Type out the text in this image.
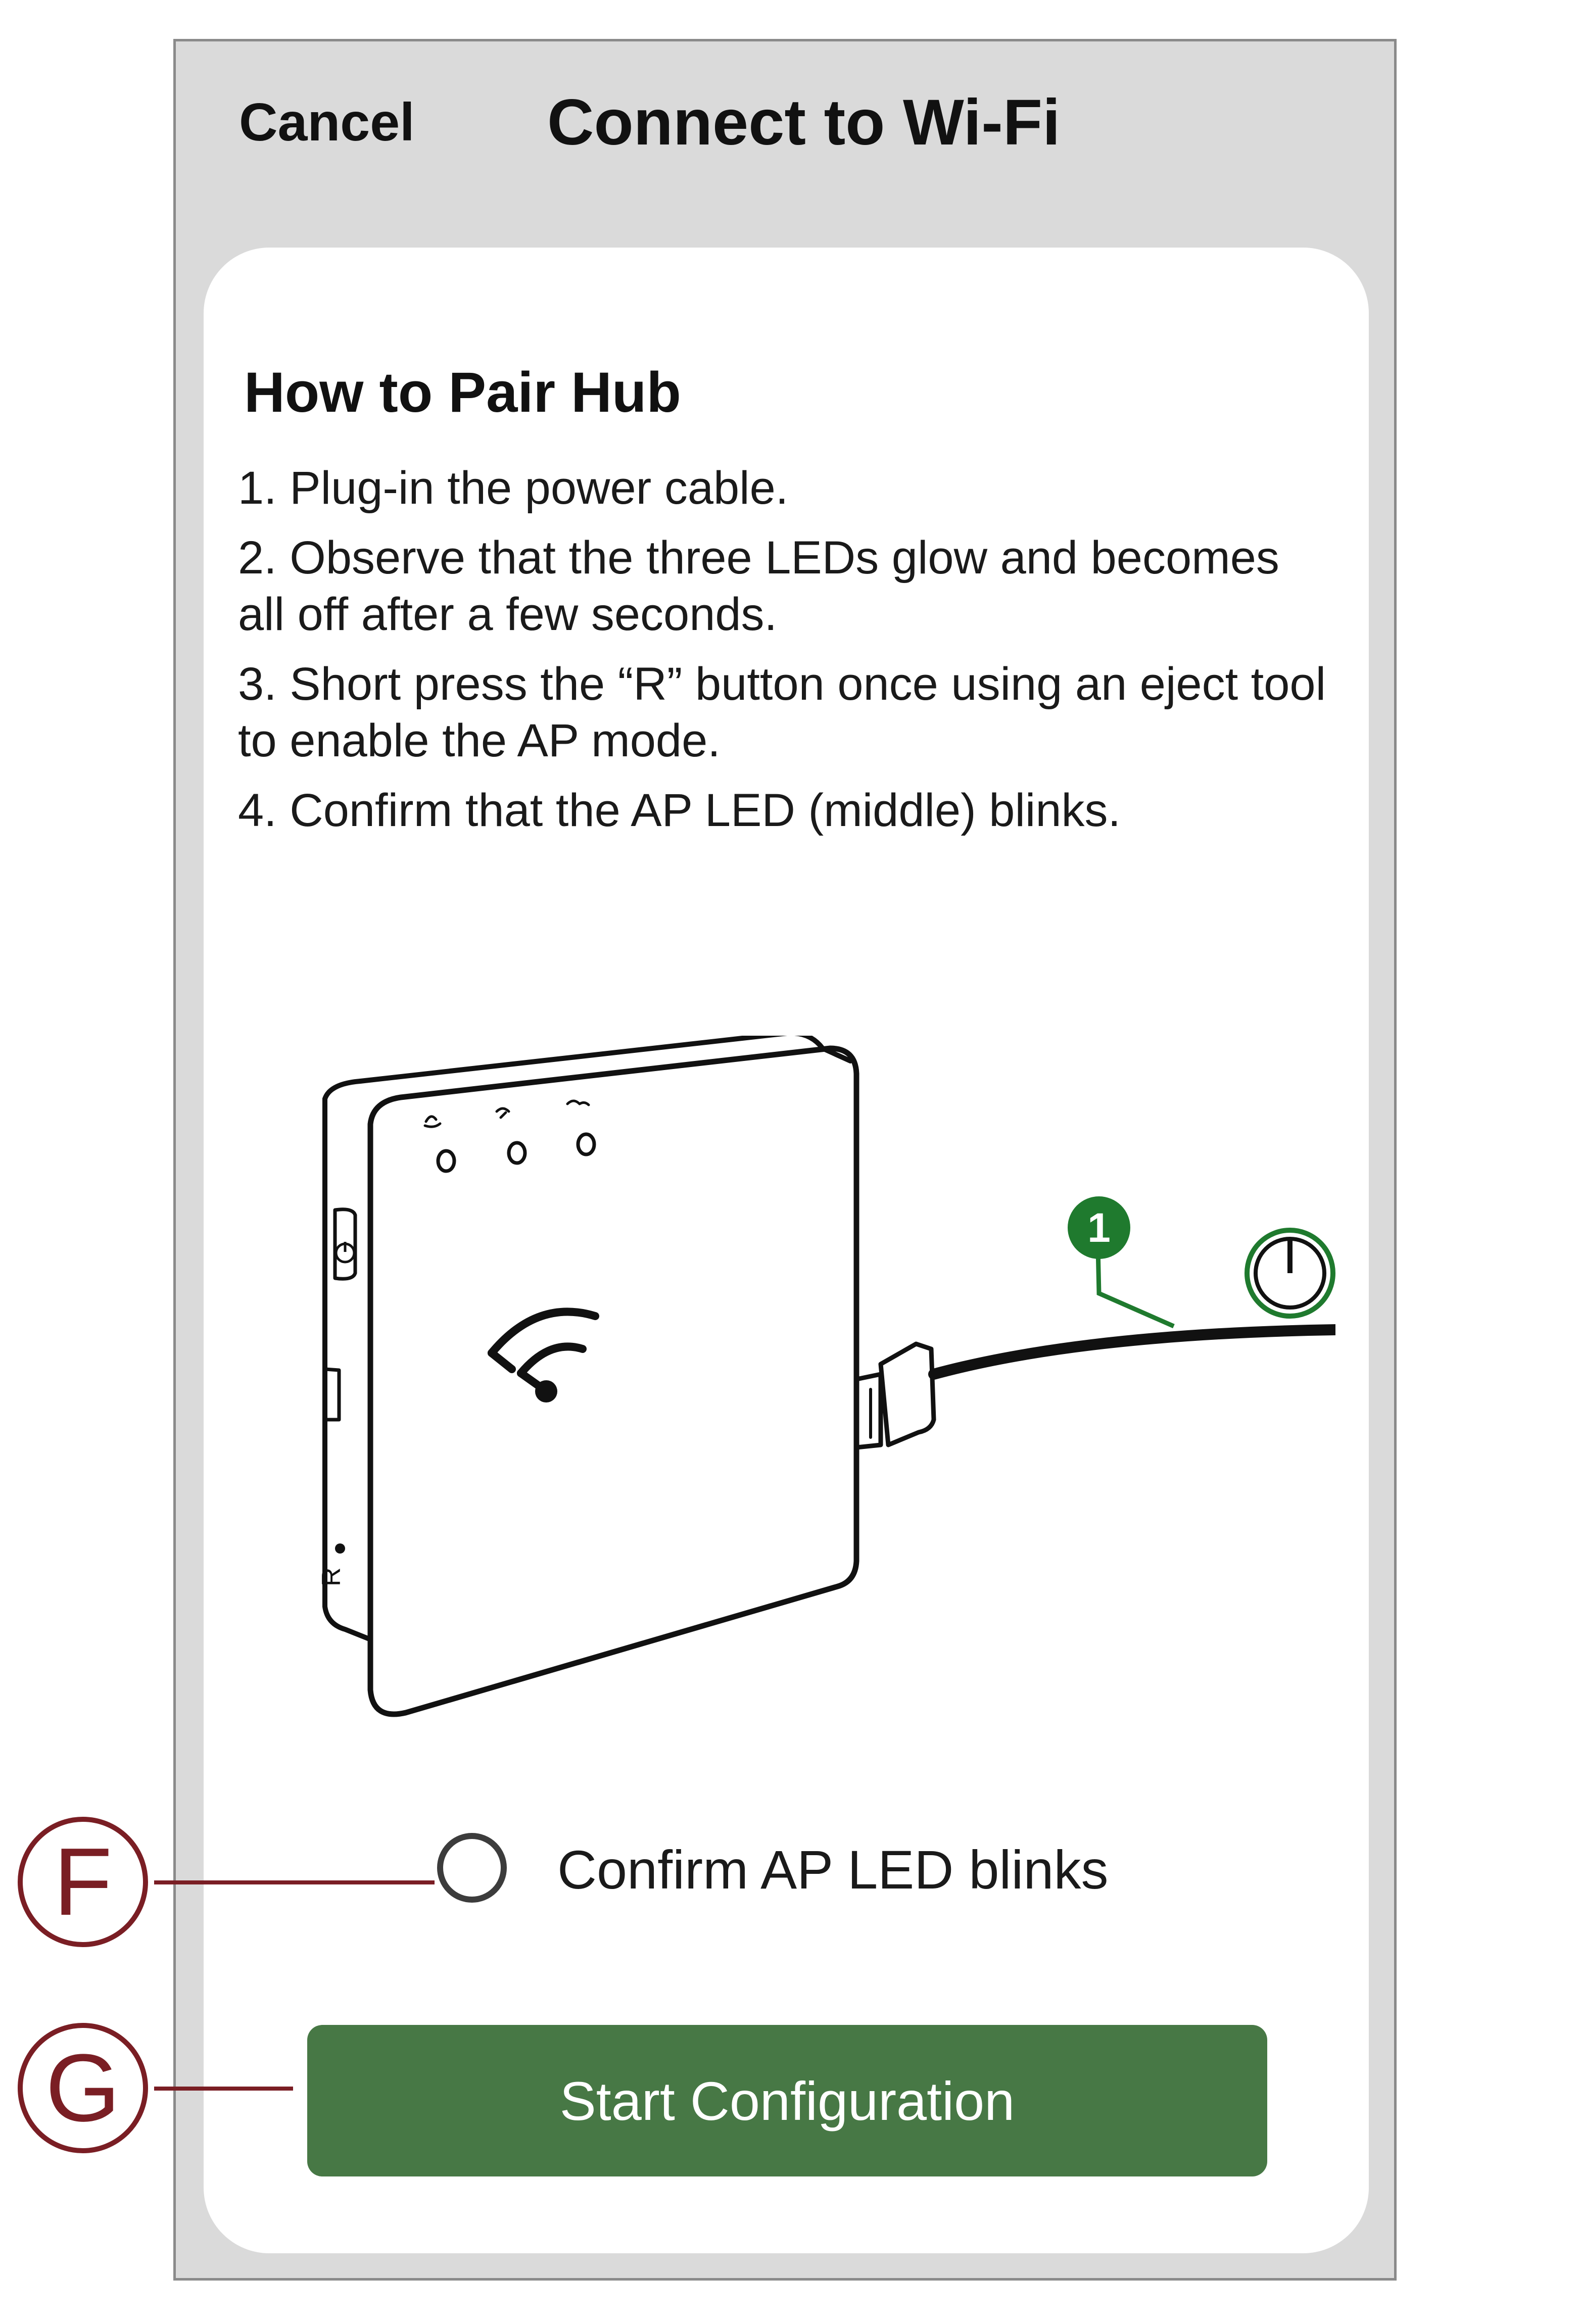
Cancel Connect to Wi-Fi
How to Pair Hub
1. Plug-in the power cable.
2. Observe that the three LEDs glow and becomes all off after a few seconds.
3. Short press the “R” button once using an eject tool to enable the AP mode.
4. Confirm that the AP LED (middle) blinks.
R
1
Confirm AP LED blinks
Start Configuration
F
G
